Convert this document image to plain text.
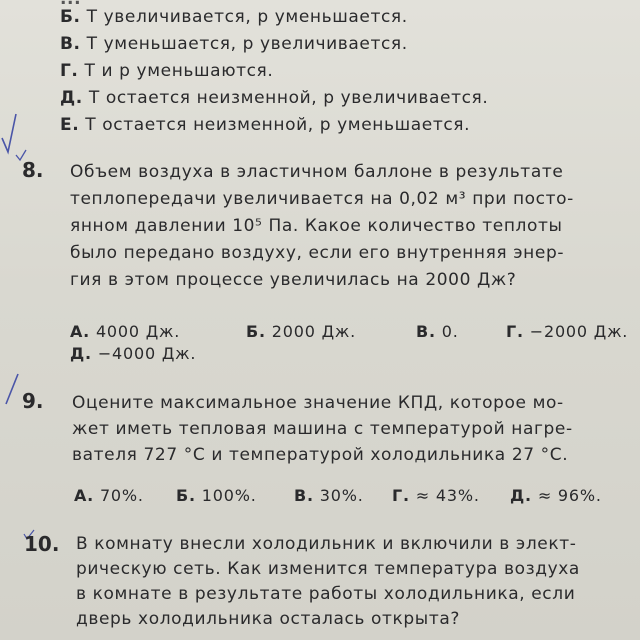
Б. T увеличивается, p уменьшается.
В. T уменьшается, p увеличивается.
Г. T и p уменьшаются.
Д. T остается неизменной, p увеличивается.
Е. T остается неизменной, p уменьшается.
8. Объем воздуха в эластичном баллоне в результате
теплопередачи увеличивается на 0,02 м³ при посто-
янном давлении 10⁵ Па. Какое количество теплоты
было передано воздуху, если его внутренняя энер-
гия в этом процессе увеличилась на 2000 Дж?
А. 4000 Дж.	Б. 2000 Дж.	В. 0.	Г. −2000 Дж.
Д. −4000 Дж.
9. Оцените максимальное значение КПД, которое мо-
жет иметь тепловая машина с температурой нагре-
вателя 727 °С и температурой холодильника 27 °С.
А. 70%. Б. 100%. В. 30%. Г. ≈ 43%. Д. ≈ 96%.
10. В комнату внесли холодильник и включили в элект-
рическую сеть. Как изменится температура воздуха
в комнате в результате работы холодильника, если
дверь холодильника осталась открыта?
